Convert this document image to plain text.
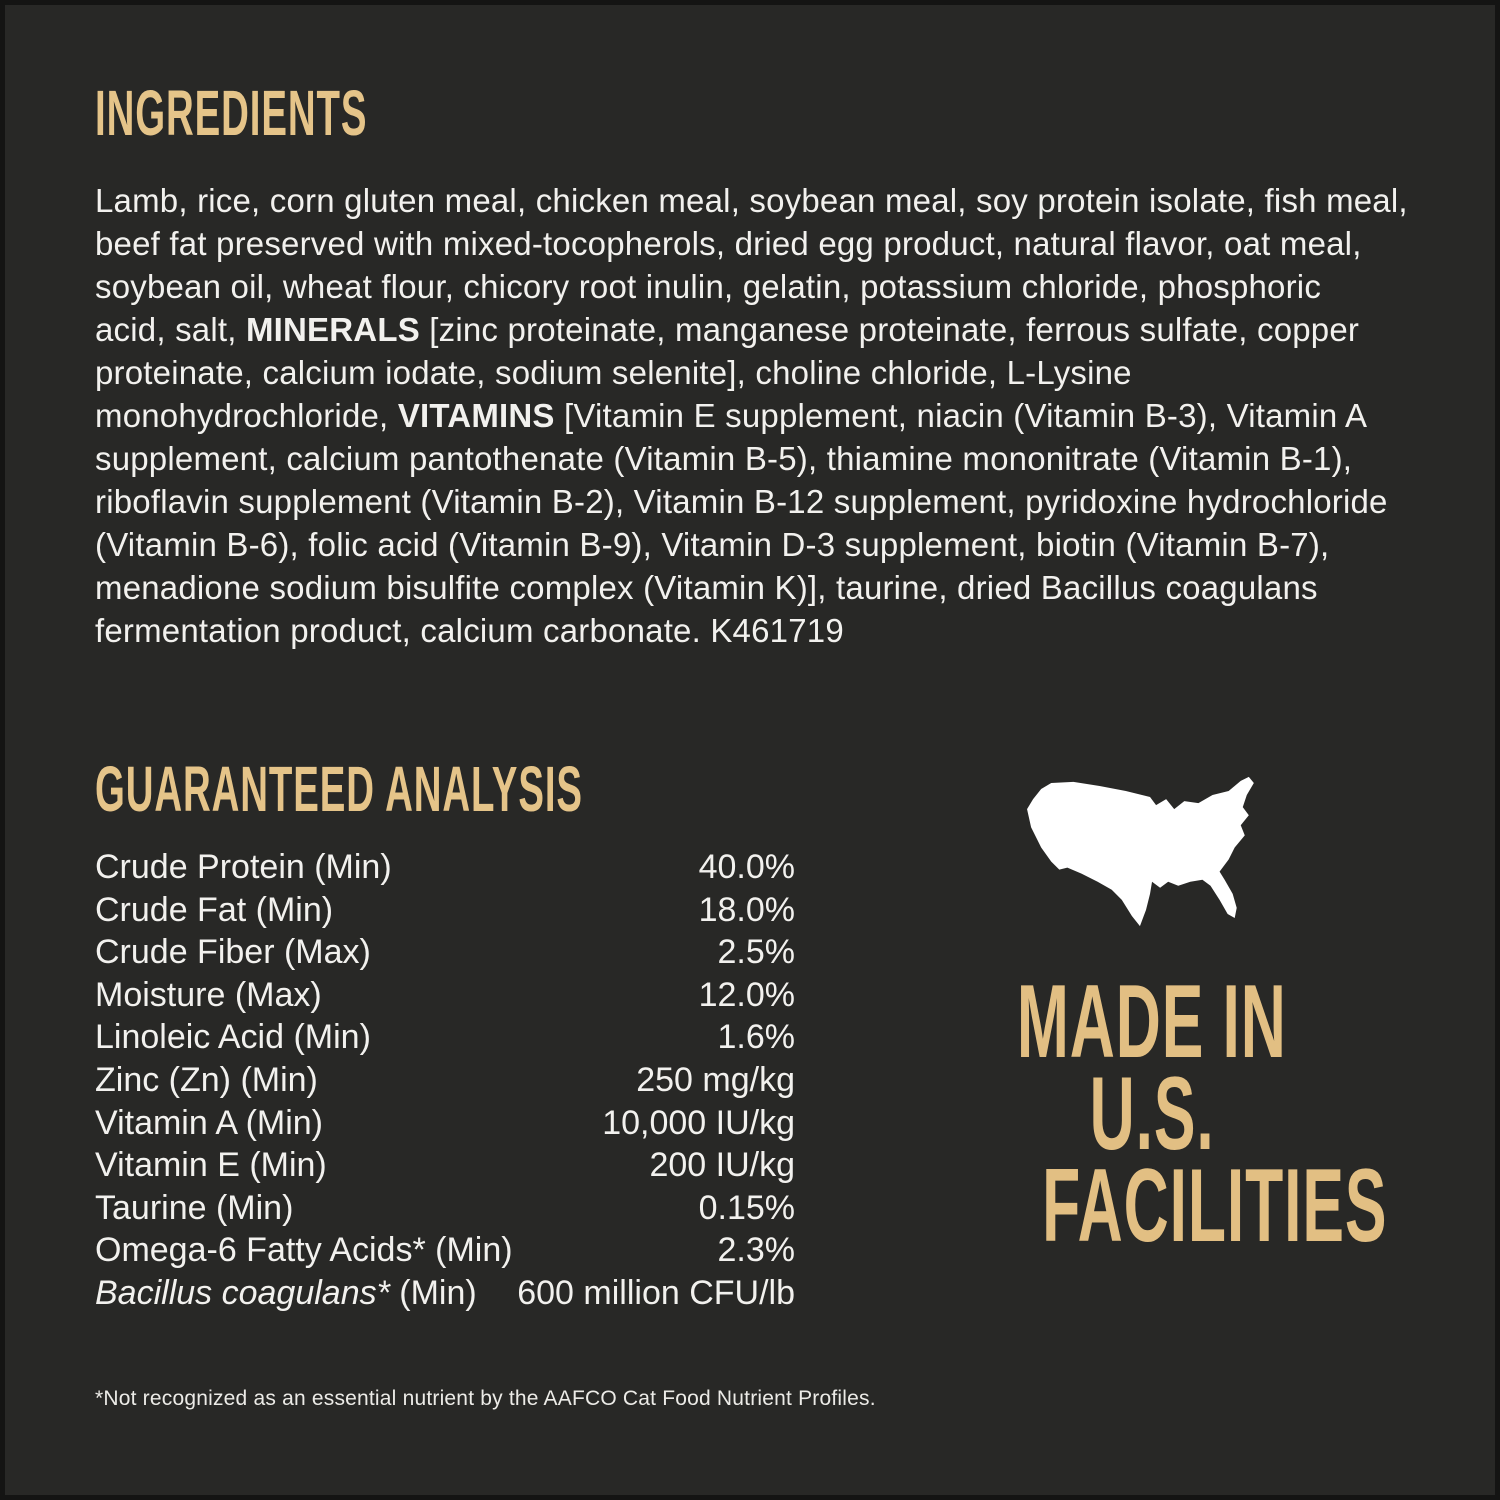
INGREDIENTS
Lamb, rice, corn gluten meal, chicken meal, soybean meal, soy protein isolate, fish meal,
beef fat preserved with mixed-tocopherols, dried egg product, natural flavor, oat meal,
soybean oil, wheat flour, chicory root inulin, gelatin, potassium chloride, phosphoric
acid, salt, MINERALS [zinc proteinate, manganese proteinate, ferrous sulfate, copper
proteinate, calcium iodate, sodium selenite], choline chloride, L-Lysine
monohydrochloride, VITAMINS [Vitamin E supplement, niacin (Vitamin B-3), Vitamin A
supplement, calcium pantothenate (Vitamin B-5), thiamine mononitrate (Vitamin B-1),
riboflavin supplement (Vitamin B-2), Vitamin B-12 supplement, pyridoxine hydrochloride
(Vitamin B-6), folic acid (Vitamin B-9), Vitamin D-3 supplement, biotin (Vitamin B-7),
menadione sodium bisulfite complex (Vitamin K)], taurine, dried Bacillus coagulans
fermentation product, calcium carbonate. K461719
GUARANTEED ANALYSIS
Crude Protein (Min)	40.0%
Crude Fat (Min)	18.0%
Crude Fiber (Max)	2.5%
Moisture (Max)	12.0%
Linoleic Acid (Min)	1.6%
Zinc (Zn) (Min)	250 mg/kg
Vitamin A (Min)	10,000 IU/kg
Vitamin E (Min)	200 IU/kg
Taurine (Min)	0.15%
Omega-6 Fatty Acids* (Min)	2.3%
Bacillus coagulans* (Min) 600 million CFU/lb
*Not recognized as an essential nutrient by the AAFCO Cat Food Nutrient Profiles.
MADE IN
U.S.
FACILITIES
